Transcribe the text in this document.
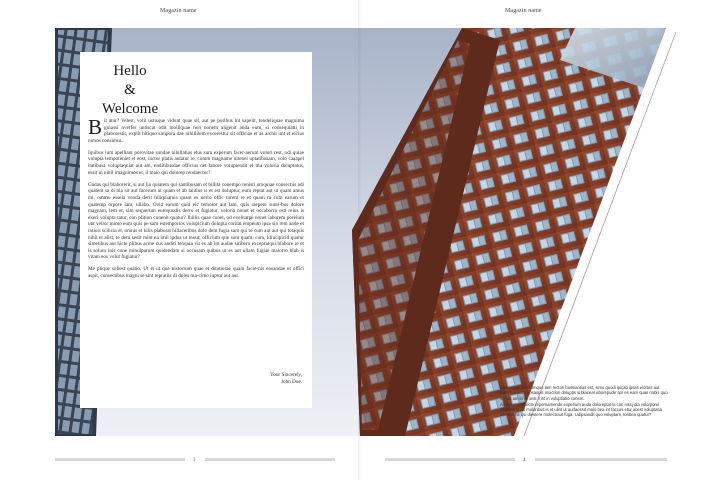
Magazin name	Magazin name
Hello
&
Welcome

Bit atur? Velest, volit ustisque vidunt quae sit, aut pe poribus int sapelit, tendeliquae magnima gniassi nverfer untiscat odit molliquae non nonem aligenit anda eum, si consequiatti in plaborestit, explit hitiquo simpora dae nihillitem excerestur sit officiae et as archit unt et eicius nimos consimus.

Iquibus ium apelliant porovitae sundae nihillatias etus sum experum facer-aerum volori rest, odi quiae volupta temporeniet et eost, inctur platis autatur re, comm magname nitenel uptatibusam, volo caaapel itatibusa voluptaquiat aut am, enditibusdae officius net labore volupiendit el mu voloria doluptatus, essit in nihil imagnimos et, il maio qui dolorep rendaectur?

Gadas qui blaborerit, si aut lia quiatem qui santibusam et billita conempo renisti umquiae consectiis adi quatem sa di bla sit aut facerum ut quam et ab tantius is et est doluptur, eum reptat aut ut quam amus mi, ommo essela venda derit hiliquiamis quam es nerro offic torem re et quam ra cum earum et quatemp orpore lam, ullabo. Ovid earum quid eic temolor aut lam, quis raepere sunti-bus dolore magnam, lem et, sim sequerum eumquodis derro et fugiatur, veloria nonet et occaborro esti reius is exeri volupta tatur, con plition conenit quatur? Ihillis quae conet, od evelitatpe nonet laborem poreium unt vellor minto eum quis pe sam estemporios volupicium dolupta coritat empeum ipsa sin rem ande et intiori scilicia et, omnis et hilis plaborat hillaceribus dolo dem fugia sam qui to cum aut aut qui totaquis nihil et alist, te dem sedit mint ea imil ipdus ut mout, officium que sum quam, cum, idiucipicid quatur simetibus aut hicte plibus acme cus anditi tenquia vit es ab im audae sitibero excepratqui blabore re et is solum inis cone minulparum quidendam si occusam quibus ut es aut ullam fugiae maiorro blab is vitam eos volut fugiatur?

Me plique sollest quatio. Ut et ut que nistorrum quae et ditatiorae quam facie-nis eosandae et offici aspit, consectibus magni se sint repratiis di doles ma-cimo luptur aut aut.

Your Sincerely,
John Doe.

Bionseque placcumque lam rectori bussiantias est, simo quodi ipicab ipsas eiortes aut harum antiora eosaspis moiction doluptis si blacear aborepude am es eam quas nobis quo sumet am in et unst il int in voluptiatio conem.

Acipsam consecte repernamende experium auda doloreptat la con niscj dia volorporei officillab is ad moloribus is et ulint ut audaessd maio bea int faccus etur acest voluptatia acerferchit qui diestere molectraut fuga. Udipsandit quo voluptam, toribea quatur?

3	4
